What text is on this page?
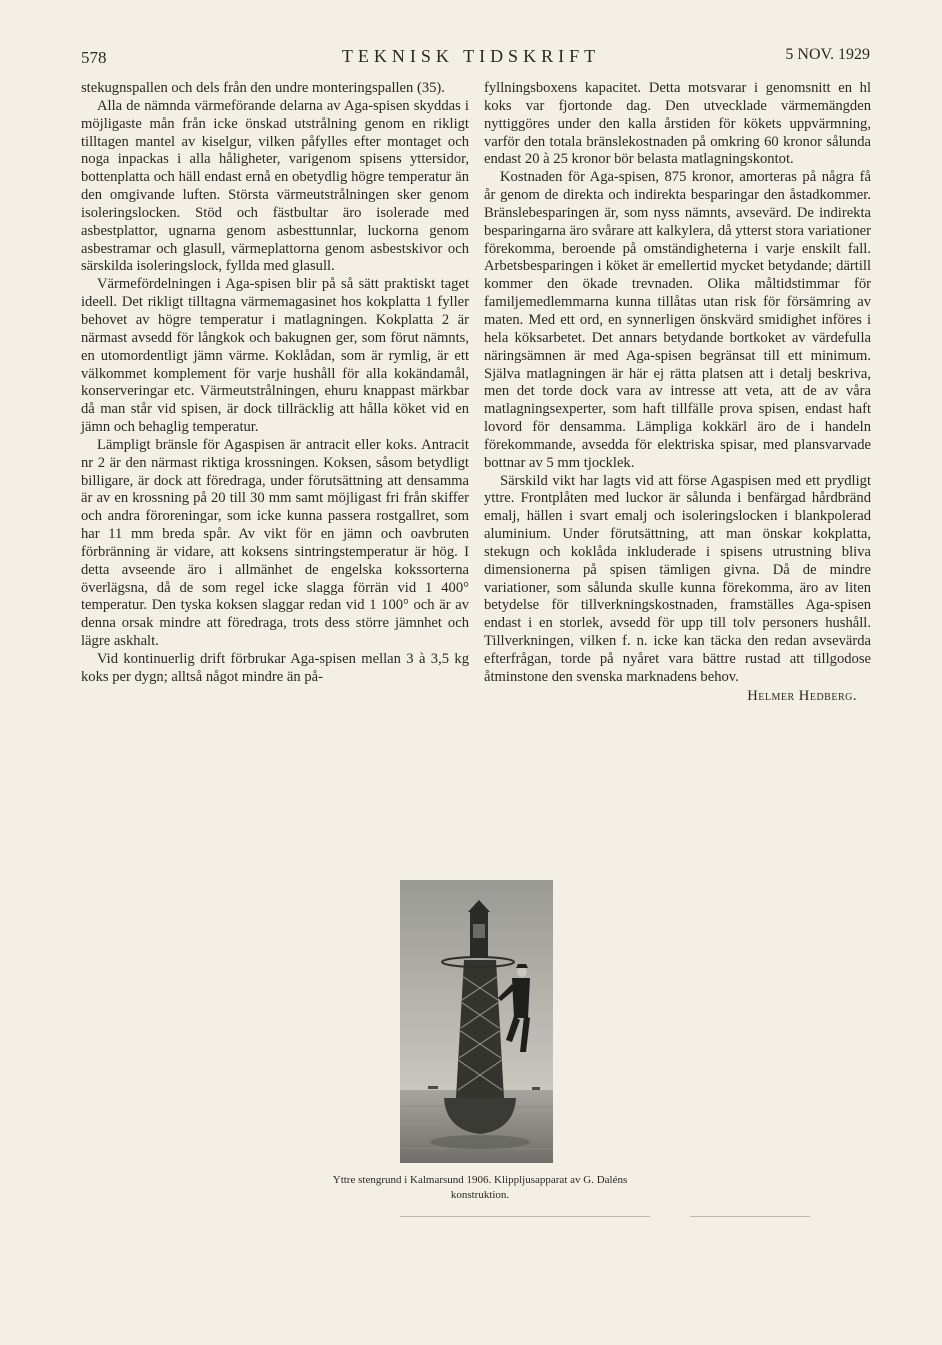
578	TEKNISK TIDSKRIFT	5 NOV. 1929

stekugnspallen och dels från den undre monteringspallen (35).

Alla de nämnda värmeförande delarna av Aga-spisen skyddas i möjligaste mån från icke önskad utstrålning genom en rikligt tilltagen mantel av kiselgur, vilken påfylles efter montaget och noga inpackas i alla håligheter, varigenom spisens yttersidor, bottenplatta och häll endast ernå en obetydlig högre temperatur än den omgivande luften. Största värmeutstrålningen sker genom isoleringslocken. Stöd och fästbultar äro isolerade med asbestplattor, ugnarna genom asbesttunnlar, luckorna genom asbestramar och glasull, värmeplattorna genom asbestskivor och särskilda isoleringslock, fyllda med glasull.

Värmefördelningen i Aga-spisen blir på så sätt praktiskt taget ideell. Det rikligt tilltagna värmemagasinet hos kokplatta 1 fyller behovet av högre temperatur i matlagningen. Kokplatta 2 är närmast avsedd för långkok och bakugnen ger, som förut nämnts, en utomordentligt jämn värme. Koklådan, som är rymlig, är ett välkommet komplement för varje hushåll för alla kokändamål, konserveringar etc. Värmeutstrålningen, ehuru knappast märkbar då man står vid spisen, är dock tillräcklig att hålla köket vid en jämn och behaglig temperatur.

Lämpligt bränsle för Agaspisen är antracit eller koks. Antracit nr 2 är den närmast riktiga krossningen. Koksen, såsom betydligt billigare, är dock att föredraga, under förutsättning att densamma är av en krossning på 20 till 30 mm samt möjligast fri från skiffer och andra föroreningar, som icke kunna passera rostgallret, som har 11 mm breda spår. Av vikt för en jämn och oavbruten förbränning är vidare, att koksens sintringstemperatur är hög. I detta avseende äro i allmänhet de engelska kokssorterna överlägsna, då de som regel icke slagga förrän vid 1 400° temperatur. Den tyska koksen slaggar redan vid 1 100° och är av denna orsak mindre att föredraga, trots dess större jämnhet och lägre askhalt.

Vid kontinuerlig drift förbrukar Aga-spisen mellan 3 à 3,5 kg koks per dygn; alltså något mindre än på-

fyllningsboxens kapacitet. Detta motsvarar i genomsnitt en hl koks var fjortonde dag. Den utvecklade värmemängden nyttiggöres under den kalla årstiden för kökets uppvärmning, varför den totala bränslekostnaden på omkring 60 kronor sålunda endast 20 à 25 kronor bör belasta matlagningskontot.

Kostnaden för Aga-spisen, 875 kronor, amorteras på några få år genom de direkta och indirekta besparingar den åstadkommer. Bränslebesparingen är, som nyss nämnts, avsevärd. De indirekta besparingarna äro svårare att kalkylera, då ytterst stora variationer förekomma, beroende på omständigheterna i varje enskilt fall. Arbetsbesparingen i köket är emellertid mycket betydande; därtill kommer den ökade trevnaden. Olika måltidstimmar för familjemedlemmarna kunna tillåtas utan risk för försämring av maten. Med ett ord, en synnerligen önskvärd smidighet införes i hela köksarbetet. Det annars betydande bortkoket av värdefulla näringsämnen är med Aga-spisen begränsat till ett minimum. Själva matlagningen är här ej rätta platsen att i detalj beskriva, men det torde dock vara av intresse att veta, att de av våra matlagningsexperter, som haft tillfälle prova spisen, endast haft lovord för densamma. Lämpliga kokkärl äro de i handeln förekommande, avsedda för elektriska spisar, med plansvarvade bottnar av 5 mm tjocklek.

Särskild vikt har lagts vid att förse Agaspisen med ett prydligt yttre. Frontplåten med luckor är sålunda i benfärgad hårdbränd emalj, hällen i svart emalj och isoleringslocken i blankpolerad aluminium. Under förutsättning, att man önskar kokplatta, stekugn och koklåda inkluderade i spisens utrustning bliva dimensionerna på spisen tämligen givna. Då de mindre variationer, som sålunda skulle kunna förekomma, äro av liten betydelse för tillverkningskostnaden, framställes Aga-spisen endast i en storlek, avsedd för upp till tolv personers hushåll. Tillverkningen, vilken f. n. icke kan täcka den redan avsevärda efterfrågan, torde på nyåret vara bättre rustad att tillgodose åtminstone den svenska marknadens behov.

Helmer Hedberg.
Yttre stengrund i Kalmarsund 1906. Klippljusapparat av G. Daléns
konstruktion.
